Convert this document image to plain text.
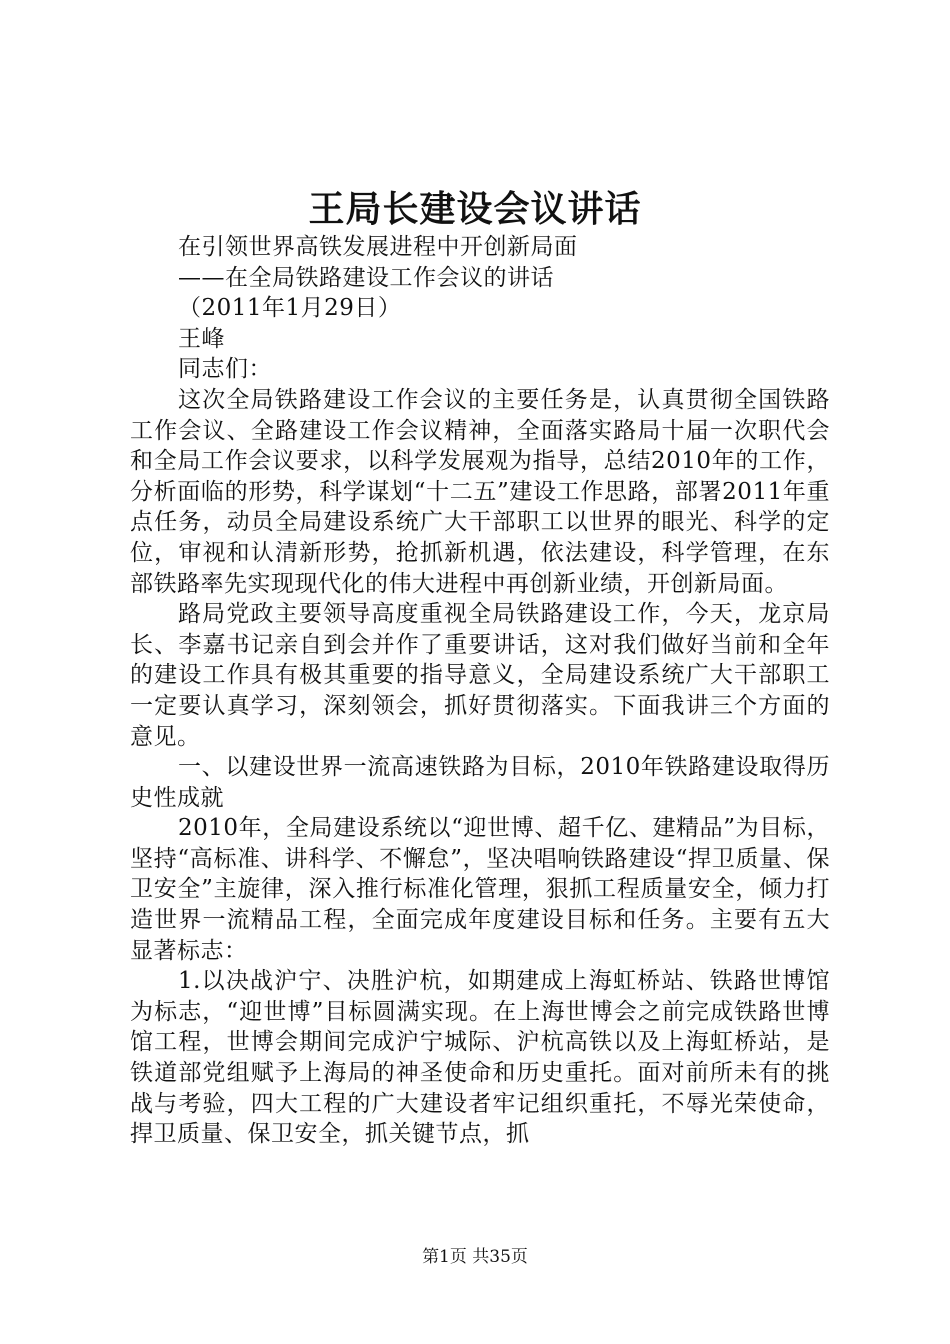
王局长建设会议讲话

在引领世界高铁发展进程中开创新局面

——在全局铁路建设工作会议的讲话

（2011年1月29日）

王峰

同志们：

这次全局铁路建设工作会议的主要任务是，认真贯彻全国铁路工作会议、全路建设工作会议精神，全面落实路局十届一次职代会和全局工作会议要求，以科学发展观为指导，总结2010年的工作，分析面临的形势，科学谋划“十二五”建设工作思路，部署2011年重点任务，动员全局建设系统广大干部职工以世界的眼光、科学的定位，审视和认清新形势，抢抓新机遇，依法建设，科学管理，在东部铁路率先实现现代化的伟大进程中再创新业绩，开创新局面。

路局党政主要领导高度重视全局铁路建设工作，今天，龙京局长、李嘉书记亲自到会并作了重要讲话，这对我们做好当前和全年的建设工作具有极其重要的指导意义，全局建设系统广大干部职工一定要认真学习，深刻领会，抓好贯彻落实。下面我讲三个方面的意见。

一、以建设世界一流高速铁路为目标，2010年铁路建设取得历史性成就

2010年，全局建设系统以“迎世博、超千亿、建精品”为目标，坚持“高标准、讲科学、不懈怠”，坚决唱响铁路建设“捍卫质量、保卫安全”主旋律，深入推行标准化管理，狠抓工程质量安全，倾力打造世界一流精品工程，全面完成年度建设目标和任务。主要有五大显著标志：

1.以决战沪宁、决胜沪杭，如期建成上海虹桥站、铁路世博馆为标志，“迎世博”目标圆满实现。在上海世博会之前完成铁路世博馆工程，世博会期间完成沪宁城际、沪杭高铁以及上海虹桥站，是铁道部党组赋予上海局的神圣使命和历史重托。面对前所未有的挑战与考验，四大工程的广大建设者牢记组织重托，不辱光荣使命，捍卫质量、保卫安全，抓关键节点，抓

第1页 共35页
